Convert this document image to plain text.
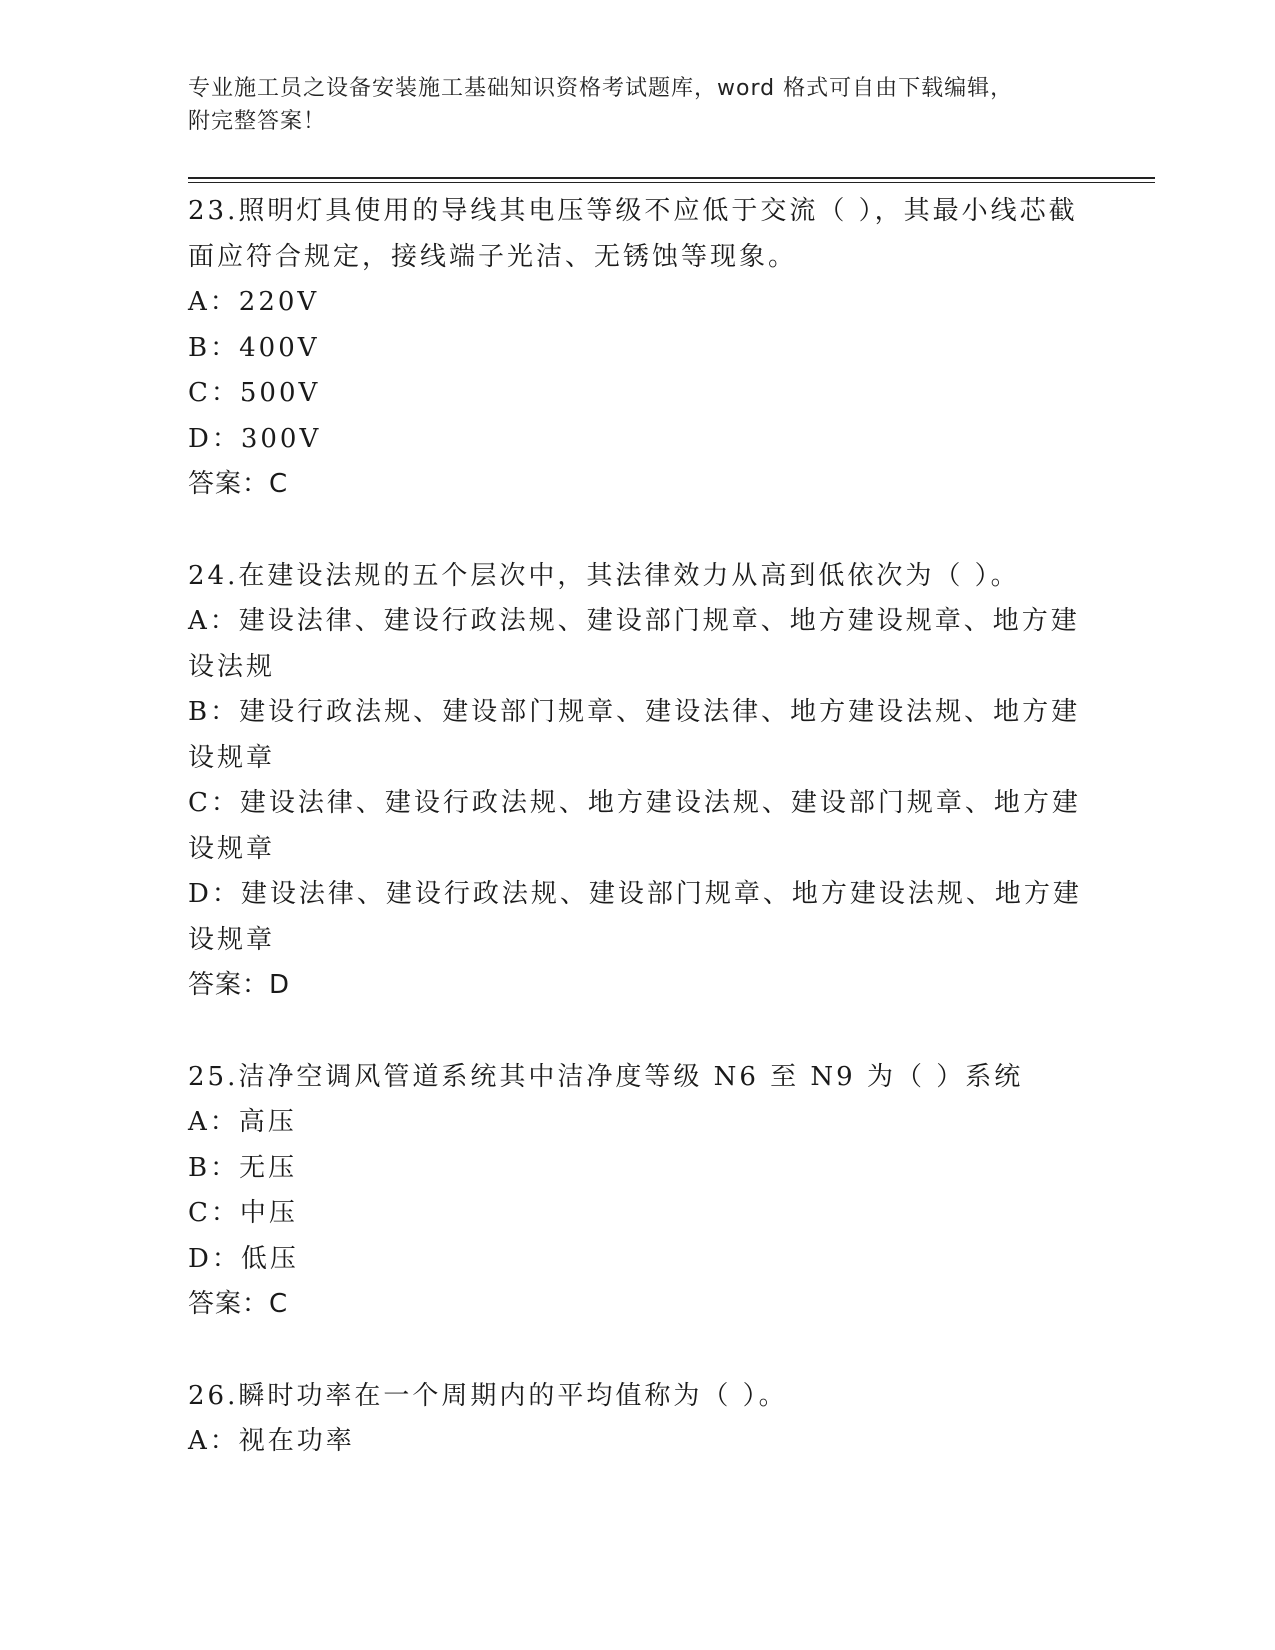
专业施工员之设备安装施工基础知识资格考试题库，word 格式可自由下载编辑，
附完整答案！

23.照明灯具使用的导线其电压等级不应低于交流（ ），其最小线芯截面应符合规定，接线端子光洁、无锈蚀等现象。

A：220V

B：400V

C：500V

D：300V

答案：C

24.在建设法规的五个层次中，其法律效力从高到低依次为（ ）。

A：建设法律、建设行政法规、建设部门规章、地方建设规章、地方建设法规

B：建设行政法规、建设部门规章、建设法律、地方建设法规、地方建设规章

C：建设法律、建设行政法规、地方建设法规、建设部门规章、地方建设规章

D：建设法律、建设行政法规、建设部门规章、地方建设法规、地方建设规章

答案：D

25.洁净空调风管道系统其中洁净度等级 N6 至 N9 为（ ）系统

A：高压

B：无压

C：中压

D：低压

答案：C

26.瞬时功率在一个周期内的平均值称为（ ）。

A：视在功率
